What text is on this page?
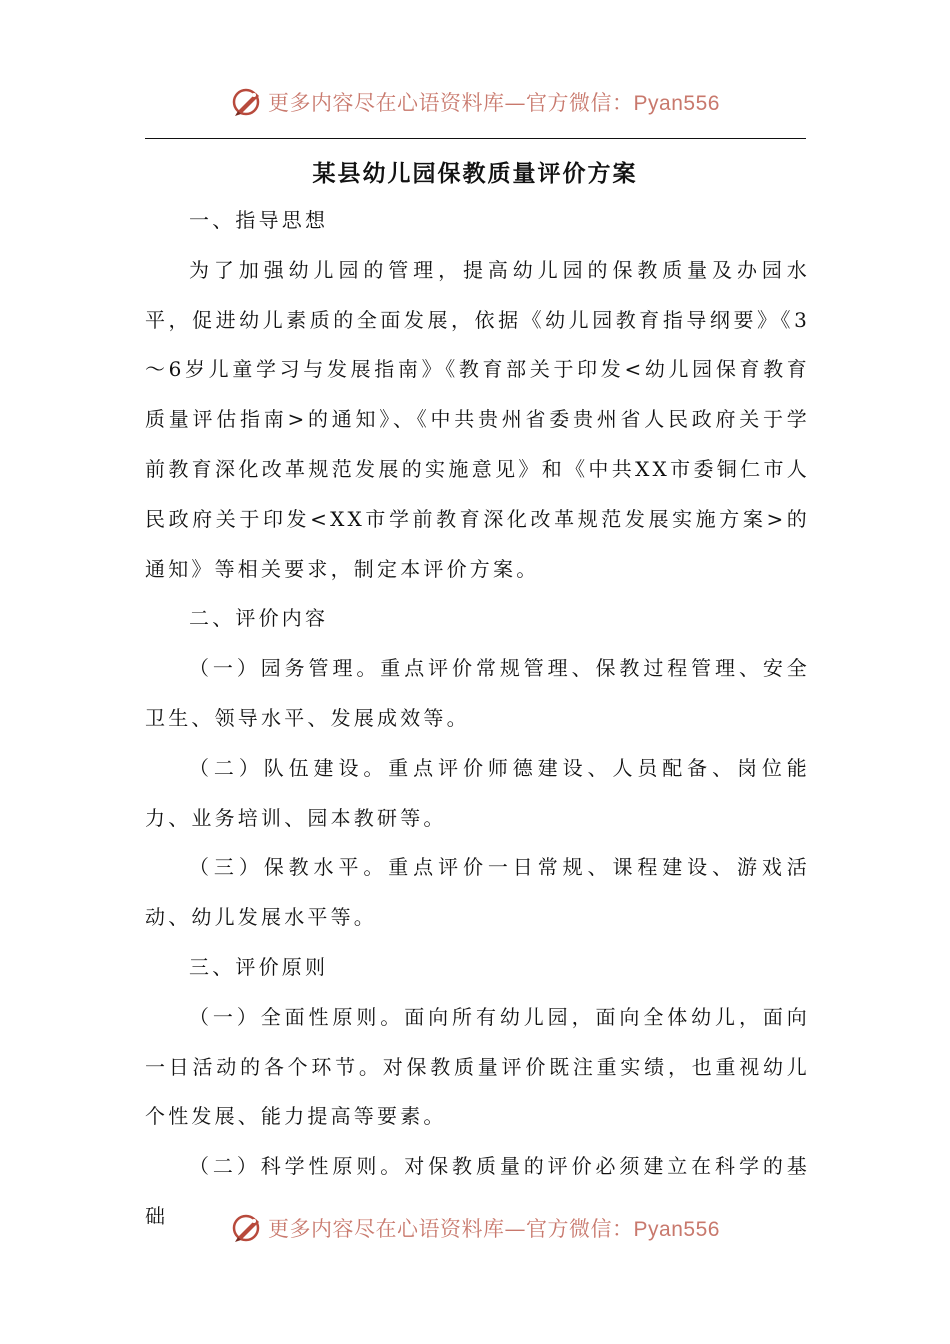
更多内容尽在心语资料库—官方微信：Pyan556
某县幼儿园保教质量评价方案

一、指导思想

为了加强幼儿园的管理，提高幼儿园的保教质量及办园水平，促进幼儿素质的全面发展，依据《幼儿园教育指导纲要》《3～6岁儿童学习与发展指南》《教育部关于印发<幼儿园保育教育质量评估指南>的通知》、《中共贵州省委贵州省人民政府关于学前教育深化改革规范发展的实施意见》和《中共XX市委铜仁市人民政府关于印发<XX市学前教育深化改革规范发展实施方案>的通知》等相关要求，制定本评价方案。

二、评价内容

（一）园务管理。重点评价常规管理、保教过程管理、安全卫生、领导水平、发展成效等。

（二）队伍建设。重点评价师德建设、人员配备、岗位能力、业务培训、园本教研等。

（三）保教水平。重点评价一日常规、课程建设、游戏活动、幼儿发展水平等。

三、评价原则

（一）全面性原则。面向所有幼儿园，面向全体幼儿，面向一日活动的各个环节。对保教质量评价既注重实绩，也重视幼儿个性发展、能力提高等要素。

（二）科学性原则。对保教质量的评价必须建立在科学的基础

更多内容尽在心语资料库—官方微信：Pyan556
